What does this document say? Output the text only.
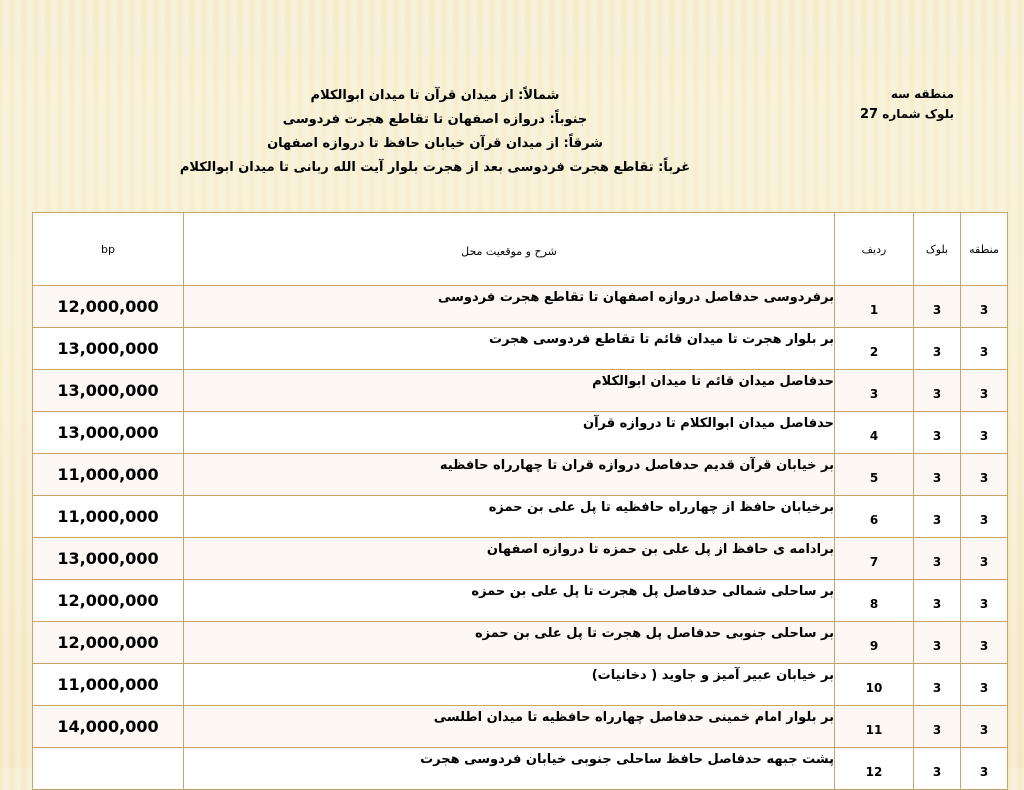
منطقه سه
بلوک شماره 27
شمالاً: از میدان قرآن تا میدان ابوالکلام
جنوباً: دروازه اصفهان تا تقاطع هجرت فردوسی
شرقاً: از میدان قرآن خیابان حافظ تا دروازه اصفهان
غرباً: تقاطع هجرت فردوسی بعد از هجرت بلوار آیت الله ربانی تا میدان ابوالکلام
bp	شرح و موقعیت محل	ردیف	بلوک	منطقه
12,000,000	برفردوسی حدفاصل دروازه اصفهان تا تقاطع هجرت فردوسی	1	3	3
13,000,000	بر بلوار هجرت تا میدان قائم تا تقاطع فردوسی هجرت	2	3	3
13,000,000	حدفاصل میدان قائم تا میدان ابوالکلام	3	3	3
13,000,000	حدفاصل میدان ابوالکلام تا دروازه قرآن	4	3	3
11,000,000	بر خیابان قرآن قدیم حدفاصل دروازه قران تا چهارراه حافظیه	5	3	3
11,000,000	برخیابان حافظ از چهارراه حافظیه تا پل علی بن حمزه	6	3	3
13,000,000	برادامه ی حافظ از پل علی بن حمزه تا دروازه اصفهان	7	3	3
12,000,000	بر ساحلی شمالی حدفاصل پل هجرت تا پل علی بن حمزه	8	3	3
12,000,000	بر ساحلی جنوبی حدفاصل پل هجرت تا پل علی بن حمزه	9	3	3
11,000,000	بر خیابان عبیر آمیز و جاوید ( دخانیات)	10	3	3
14,000,000	بر بلوار امام خمینی حدفاصل چهارراه حافظیه تا میدان اطلسی	11	3	3
	پشت جبهه حدفاصل حافظ ساحلی جنوبی خیابان فردوسی هجرت	12	3	3
